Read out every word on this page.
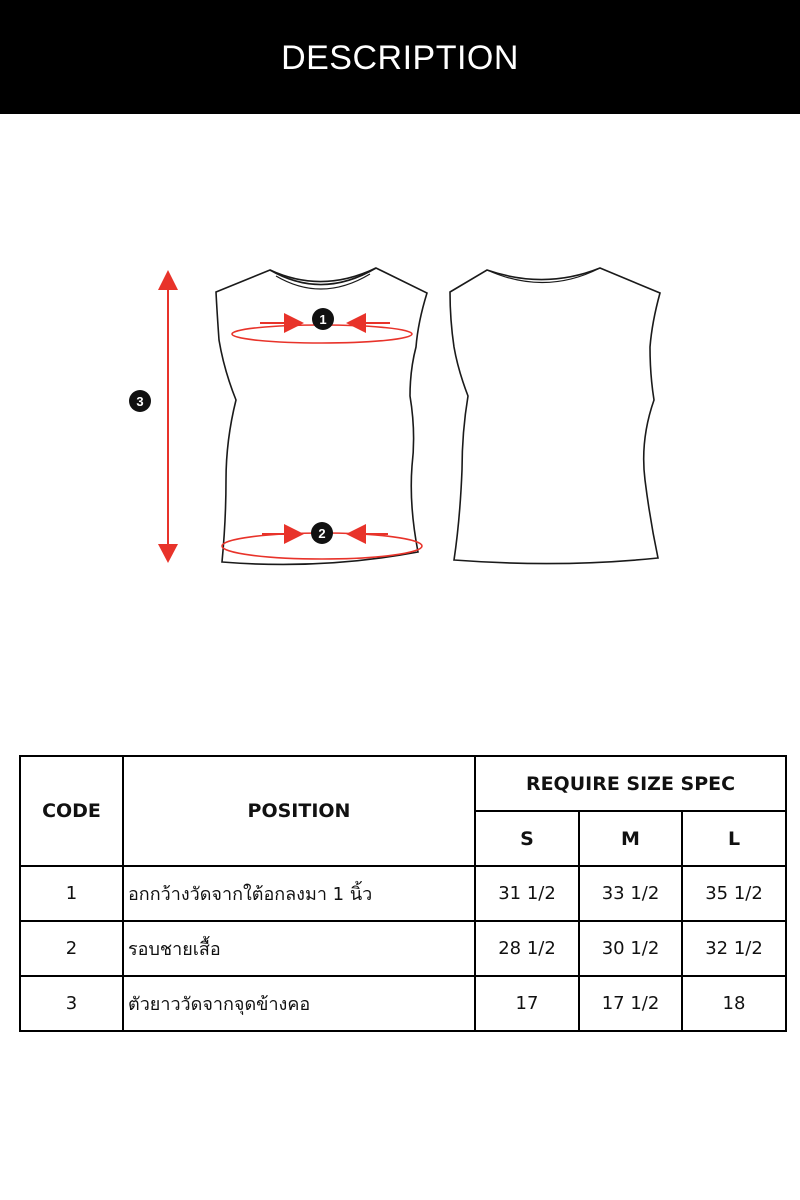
DESCRIPTION
1
2
3
CODE	POSITION	REQUIRE SIZE SPEC		
		S	M	L
1	อกกว้างวัดจากใต้อกลงมา 1 นิ้ว	31 1/2	33 1/2	35 1/2
2	รอบชายเสื้อ	28 1/2	30 1/2	32 1/2
3	ตัวยาววัดจากจุดข้างคอ	17	17 1/2	18
